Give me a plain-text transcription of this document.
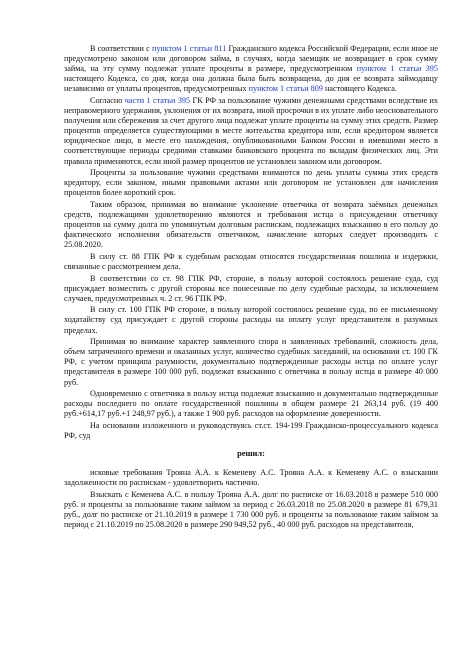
В соответствии с пунктом 1 статьи 811 Гражданского кодекса Российской Федерации, если иное не предусмотрено законом или договором займа, в случаях, когда заемщик не возвращает в срок сумму займа, на эту сумму подлежат уплате проценты в размере, предусмотренном пунктом 1 статьи 395 настоящего Кодекса, со дня, когда она должна была быть возвращена, до дня ее возврата займодавцу независимо от уплаты процентов, предусмотренных пунктом 1 статьи 809 настоящего Кодекса.

Согласно части 1 статьи 395 ГК РФ за пользование чужими денежными средствами вследствие их неправомерного удержания, уклонения от их возврата, иной просрочки в их уплате либо неосновательного получения или сбережения за счет другого лица подлежат уплате проценты на сумму этих средств. Размер процентов определяется существующими в месте жительства кредитора или, если кредитором является юридическое лицо, в месте его нахождения, опубликованными Банком России и имевшими место в соответствующие периоды средними ставками банковского процента по вкладам физических лиц. Эти правила применяются, если иной размер процентов не установлен законом или договором.

Проценты за пользование чужими средствами взимаются по день уплаты суммы этих средств кредитору, если законом, иными правовыми актами или договором не установлен для начисления процентов более короткий срок.

Таким образом, принимая во внимание уклонение ответчика от возврата заёмных денежных средств, подлежащими удовлетворению являются и требования истца о присуждении ответчику процентов на сумму долга по упомянутым долговым распискам, подлежащих взысканию в его пользу до фактического исполнения обязательств ответчиком, начисление которых следует производить с 25.08.2020.

В силу ст. 88 ГПК РФ к судебным расходам относятся государственная пошлина и издержки, связанные с рассмотрением дела.

В соответствии со ст. 98 ГПК РФ, стороне, в пользу которой состоялось решение суда, суд присуждает возместить с другой стороны все понесенные по делу судебные расходы, за исключением случаев, предусмотренных ч. 2 ст. 96 ГПК РФ.

В силу ст. 100 ГПК РФ стороне, в пользу которой состоялось решение суда, по ее письменному ходатайству суд присуждает с другой стороны расходы на оплату услуг представителя в разумных пределах.

Принимая во внимание характер заявленного спора и заявленных требований, сложность дела, объем затраченного времени и оказанных услуг, количество судебных заседаний, на основании ст. 100 ГК РФ, с учетом принципа разумности, документально подтвержденные расходы истца по оплате услуг представителя в размере 100 000 руб. подлежат взысканию с ответчика в пользу истца в размере 40 000 руб.

Одновременно с ответчика в пользу истца подлежат взысканию и документально подтвержденные расходы последнего по оплате государственной пошлины в общем размере 21 263,14 руб. (19 400 руб.+614,17 руб.+1 248,97 руб.), а также 1 900 руб. расходов на оформление доверенности.

На основании изложенного и руководствуясь ст.ст. 194-199 Гражданско-процессуального кодекса РФ, суд

решил:

исковые требования Трояна А.А. к Кеменеву А.С. Трояна А.А. к Кеменеву А.С. о взыскании задолженности по распискам - удовлетворить частично.

Взыскать с Кеменева А.С. в пользу Трояна А.А. долг по расписке от 16.03.2018 в размере 510 000 руб. и проценты за пользование таким займом за период с 26.03.2018 по 25.08.2020 в размере 81 679,31 руб., долг по расписке от 21.10.2019 в размере 1 730 000 руб. и проценты за пользование таким займом за период с 21.10.2019 по 25.08.2020 в размере 290 949,52 руб., 40 000 руб. расходов на представителя,
